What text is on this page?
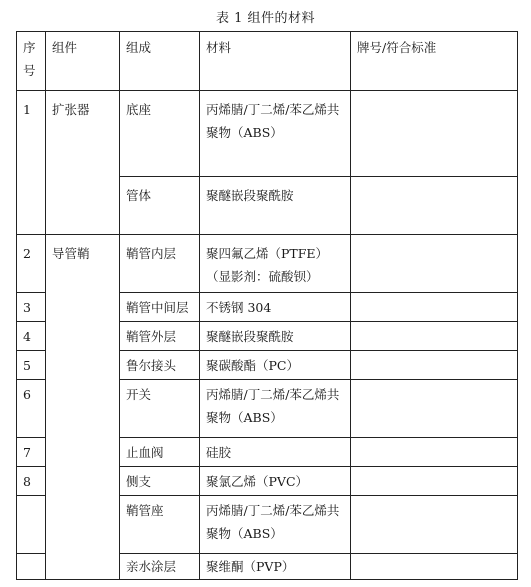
表 1 组件的材料
序号	组件	组成	材料	牌号/符合标准

1	扩张器	底座	丙烯腈/丁二烯/苯乙烯共聚物（ABS）	

		管体	聚醚嵌段聚酰胺	

2	导管鞘	鞘管内层	聚四氟乙烯（PTFE）（显影剂：硫酸钡）	

3		鞘管中间层	不锈钢 304	

4		鞘管外层	聚醚嵌段聚酰胺	

5		鲁尔接头	聚碳酸酯（PC）	

6		开关	丙烯腈/丁二烯/苯乙烯共聚物（ABS）	

7		止血阀	硅胶	

8		侧支	聚氯乙烯（PVC）	

		鞘管座	丙烯腈/丁二烯/苯乙烯共聚物（ABS）	

		亲水涂层	聚维酮（PVP）	
